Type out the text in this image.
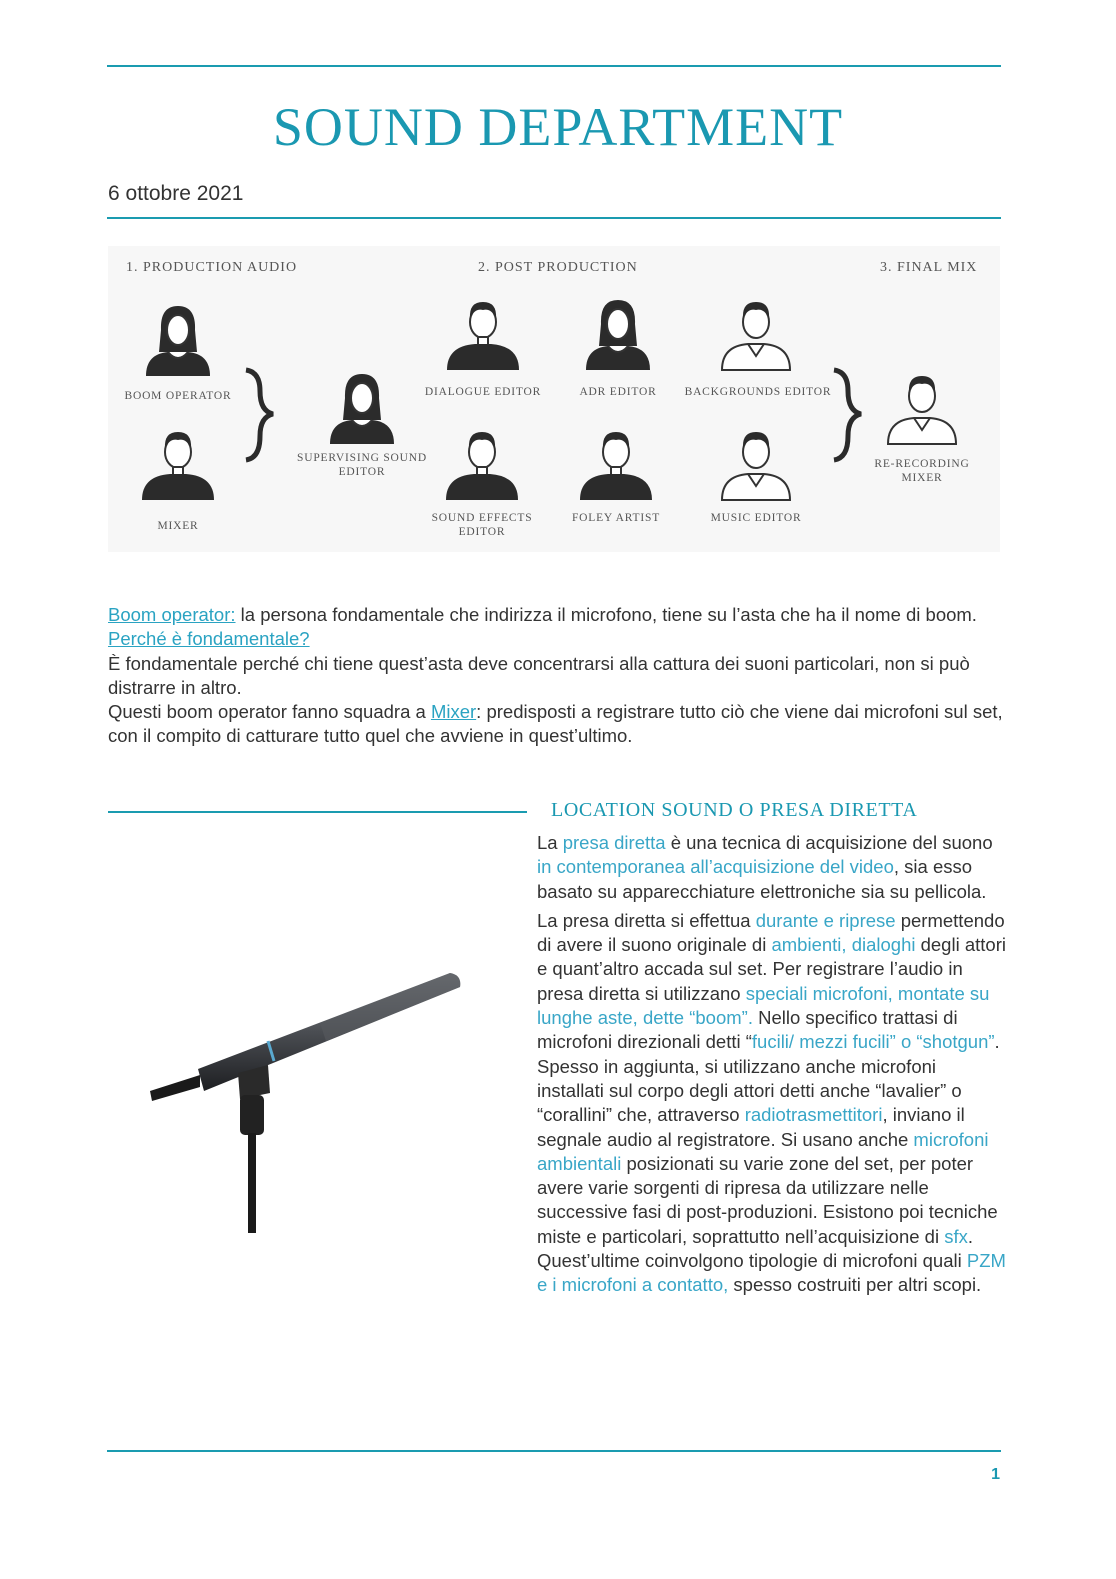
SOUND DEPARTMENT
6 ottobre 2021
1. PRODUCTION AUDIO	2. POST PRODUCTION	3. FINAL MIX
BOOM OPERATOR
MIXER
SUPERVISING SOUND EDITOR
DIALOGUE EDITOR	ADR EDITOR	BACKGROUNDS EDITOR
SOUND EFFECTS EDITOR
FOLEY ARTIST	MUSIC EDITOR
RE-RECORDING MIXER

Boom operator: la persona fondamentale che indirizza il microfono, tiene su l’asta che ha il nome di boom.

Perché è fondamentale?

È fondamentale perché chi tiene quest’asta deve concentrarsi alla cattura dei suoni particolari, non si può distrarre in altro.

Questi boom operator fanno squadra a Mixer: predisposti a registrare tutto ciò che viene dai microfoni sul set, con il compito di catturare tutto quel che avviene in quest’ultimo.

LOCATION SOUND O PRESA DIRETTA

La presa diretta è una tecnica di acquisizione del suono in contemporanea all’acquisizione del video, sia esso basato su apparecchiature elettroniche sia su pellicola.

La presa diretta si effettua durante e riprese permettendo di avere il suono originale di ambienti, dialoghi degli attori e quant’altro accada sul set. Per registrare l’audio in presa diretta si utilizzano speciali microfoni, montate su lunghe aste, dette “boom”. Nello specifico trattasi di microfoni direzionali detti “fucili/ mezzi fucili” o “shotgun”. Spesso in aggiunta, si utilizzano anche microfoni installati sul corpo degli attori detti anche “lavalier” o “corallini” che, attraverso radiotrasmettitori, inviano il segnale audio al registratore. Si usano anche microfoni ambientali posizionati su varie zone del set, per poter avere varie sorgenti di ripresa da utilizzare nelle successive fasi di post-produzioni. Esistono poi tecniche miste e particolari, soprattutto nell’acquisizione di sfx. Quest’ultime coinvolgono tipologie di microfoni quali PZM e i microfoni a contatto, spesso costruiti per altri scopi.

1
